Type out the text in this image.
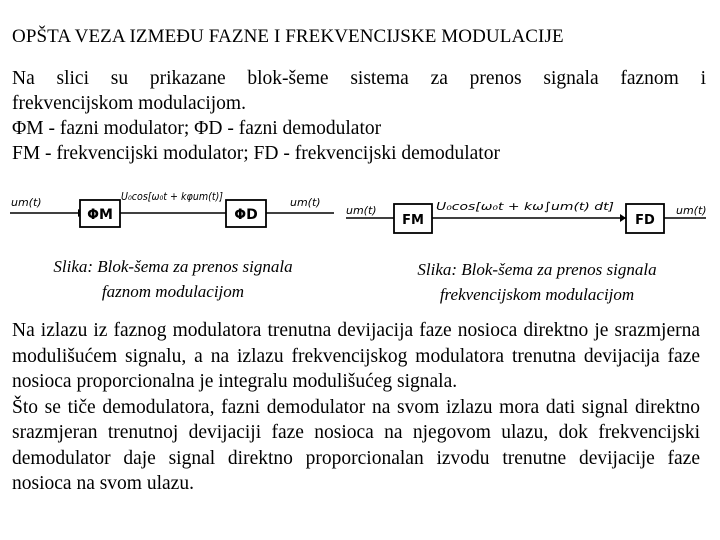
OPŠTA VEZA IZMEĐU FAZNE I FREKVENCIJSKE MODULACIJE
Na slici su prikazane blok-šeme sistema za prenos signala faznom i
frekvencijskom modulacijom.
ΦM - fazni modulator; ΦD - fazni demodulator
FM - frekvencijski modulator; FD - frekvencijski demodulator
um(t)
ΦM
U₀cos[ω₀t + kφum(t)]
ΦD
um(t)
Slika: Blok-šema za prenos signala
faznom modulacijom
um(t)
FM
U₀cos[ω₀t + kω∫um(t) dt]
FD
um(t)
Slika: Blok-šema za prenos signala
frekvencijskom modulacijom

Na izlazu iz faznog modulatora trenutna devijacija faze nosioca direktno je srazmjerna modulišućem signalu, a na izlazu frekvencijskog modulatora trenutna devijacija faze nosioca proporcionalna je integralu modulišućeg signala.

Što se tiče demodulatora, fazni demodulator na svom izlazu mora dati signal direktno srazmjeran trenutnoj devijaciji faze nosioca na njegovom ulazu, dok frekvencijski demodulator daje signal direktno proporcionalan izvodu trenutne devijacije faze nosioca na svom ulazu.
